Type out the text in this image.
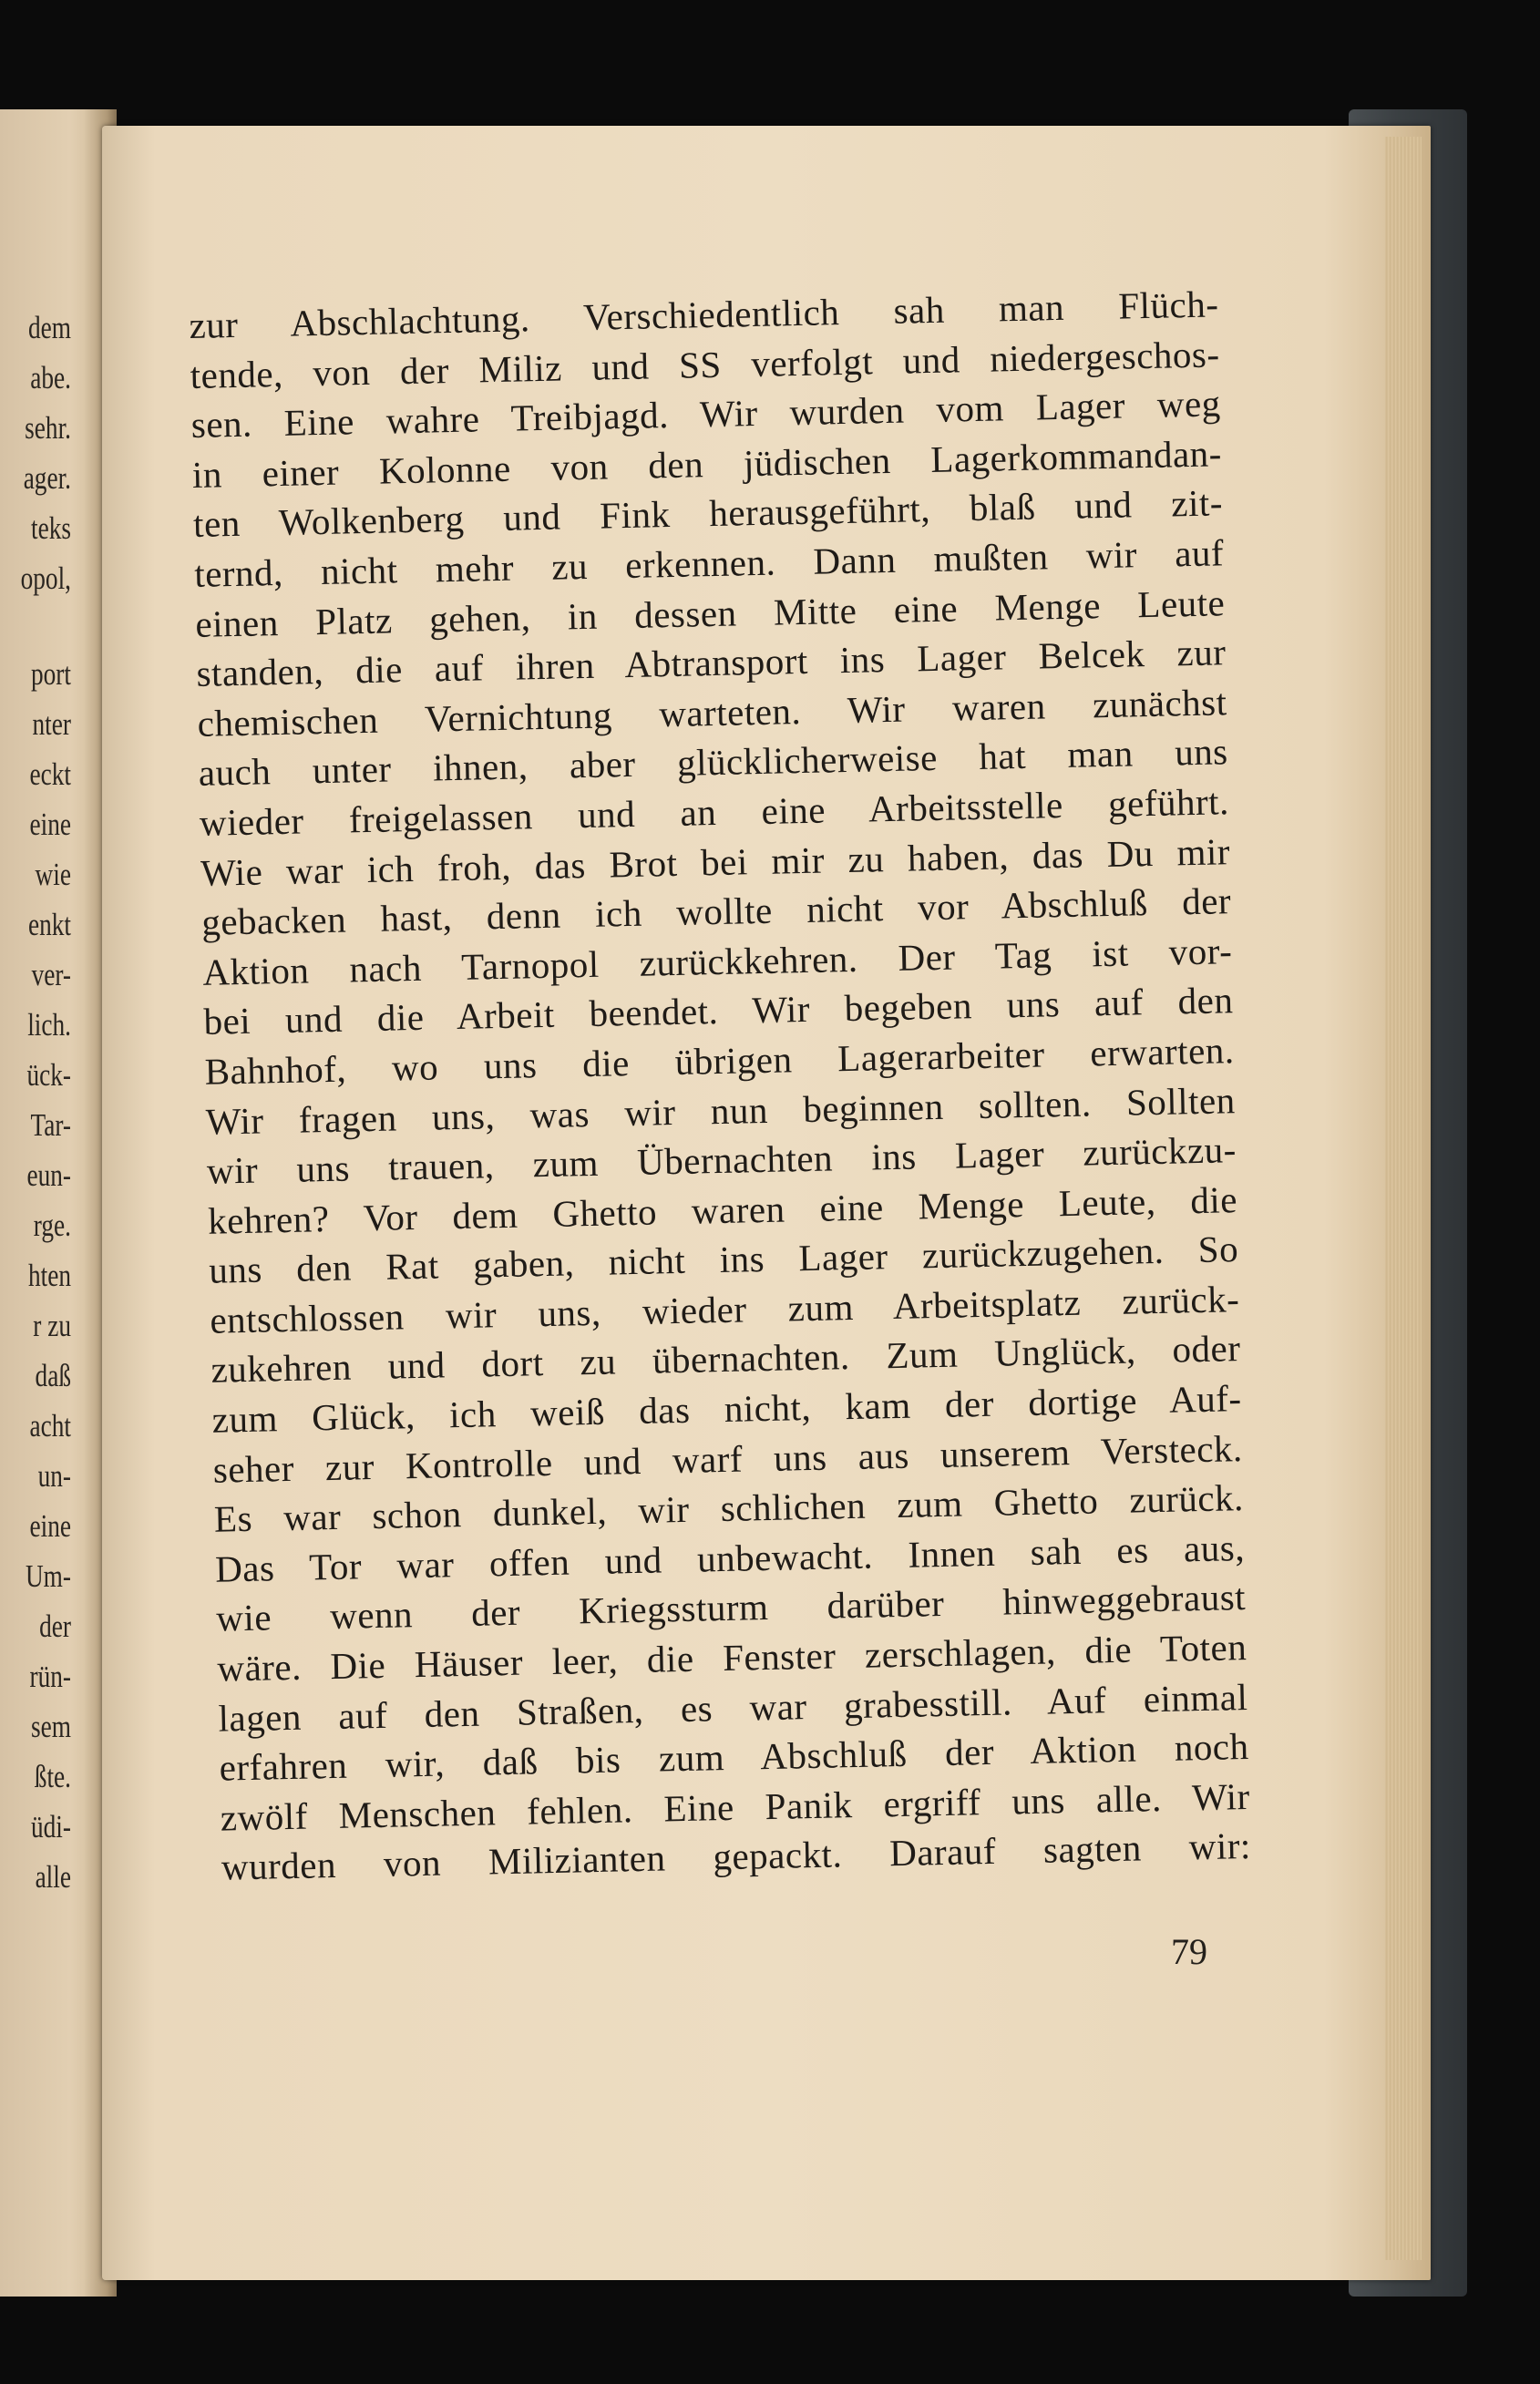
dem
abe.
sehr.
ager.
teks
opol,
port
nter
eckt
eine
wie
enkt
ver-
lich.
ück-
Tar-
eun-
rge.
hten
r zu
daß
acht
un-
eine
Um-
der
rün-
sem
ßte.
üdi-
alle
zur Abschlachtung. Verschiedentlich sah man Flüch-
tende, von der Miliz und SS verfolgt und niedergeschos-
sen. Eine wahre Treibjagd. Wir wurden vom Lager weg
in einer Kolonne von den jüdischen Lagerkommandan-
ten Wolkenberg und Fink herausgeführt, blaß und zit-
ternd, nicht mehr zu erkennen. Dann mußten wir auf
einen Platz gehen, in dessen Mitte eine Menge Leute
standen, die auf ihren Abtransport ins Lager Belcek zur
chemischen Vernichtung warteten. Wir waren zunächst
auch unter ihnen, aber glücklicherweise hat man uns
wieder freigelassen und an eine Arbeitsstelle geführt.
Wie war ich froh, das Brot bei mir zu haben, das Du mir
gebacken hast, denn ich wollte nicht vor Abschluß der
Aktion nach Tarnopol zurückkehren. Der Tag ist vor-
bei und die Arbeit beendet. Wir begeben uns auf den
Bahnhof, wo uns die übrigen Lagerarbeiter erwarten.
Wir fragen uns, was wir nun beginnen sollten. Sollten
wir uns trauen, zum Übernachten ins Lager zurückzu-
kehren? Vor dem Ghetto waren eine Menge Leute, die
uns den Rat gaben, nicht ins Lager zurückzugehen. So
entschlossen wir uns, wieder zum Arbeitsplatz zurück-
zukehren und dort zu übernachten. Zum Unglück, oder
zum Glück, ich weiß das nicht, kam der dortige Auf-
seher zur Kontrolle und warf uns aus unserem Versteck.
Es war schon dunkel, wir schlichen zum Ghetto zurück.
Das Tor war offen und unbewacht. Innen sah es aus,
wie wenn der Kriegssturm darüber hinweggebraust
wäre. Die Häuser leer, die Fenster zerschlagen, die Toten
lagen auf den Straßen, es war grabesstill. Auf einmal
erfahren wir, daß bis zum Abschluß der Aktion noch
zwölf Menschen fehlen. Eine Panik ergriff uns alle. Wir
wurden von Milizianten gepackt. Darauf sagten wir:
79
